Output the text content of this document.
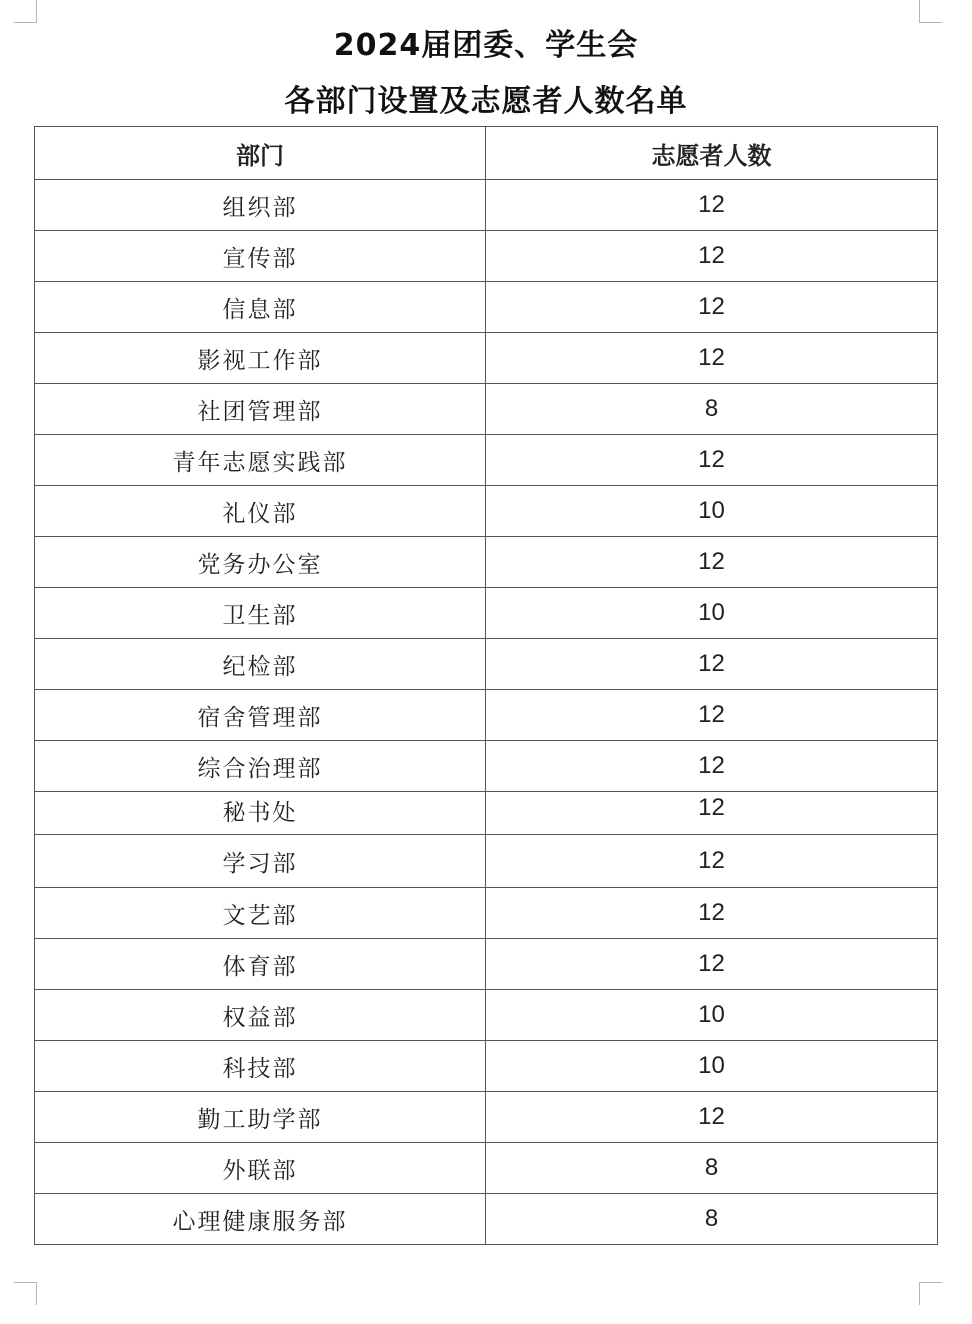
2024届团委、学生会
各部门设置及志愿者人数名单
部门	志愿者人数
组织部	12
宣传部	12
信息部	12
影视工作部	12
社团管理部	8
青年志愿实践部	12
礼仪部	10
党务办公室	12
卫生部	10
纪检部	12
宿舍管理部	12
综合治理部	12
秘书处	12
学习部	12
文艺部	12
体育部	12
权益部	10
科技部	10
勤工助学部	12
外联部	8
心理健康服务部	8
